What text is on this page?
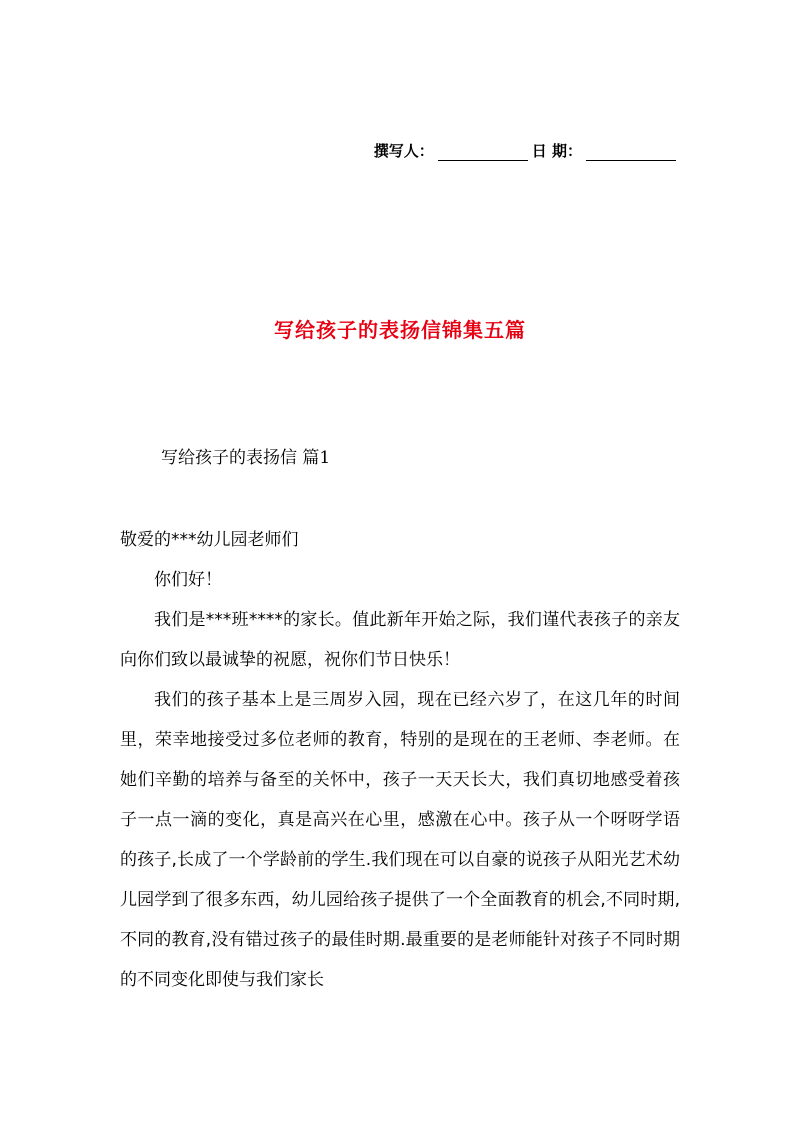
撰写人：	日 期：
写给孩子的表扬信锦集五篇
写给孩子的表扬信 篇1

敬爱的***幼儿园老师们

你们好！

我们是***班****的家长。值此新年开始之际，我们谨代表孩子的亲友向你们致以最诚挚的祝愿，祝你们节日快乐！

我们的孩子基本上是三周岁入园，现在已经六岁了，在这几年的时间里，荣幸地接受过多位老师的教育，特别的是现在的王老师、李老师。在她们辛勤的培养与备至的关怀中，孩子一天天长大，我们真切地感受着孩子一点一滴的变化，真是高兴在心里，感激在心中。孩子从一个呀呀学语的孩子,长成了一个学龄前的学生.我们现在可以自豪的说孩子从阳光艺术幼儿园学到了很多东西，幼儿园给孩子提供了一个全面教育的机会,不同时期,不同的教育,没有错过孩子的最佳时期.最重要的是老师能针对孩子不同时期的不同变化即使与我们家长
